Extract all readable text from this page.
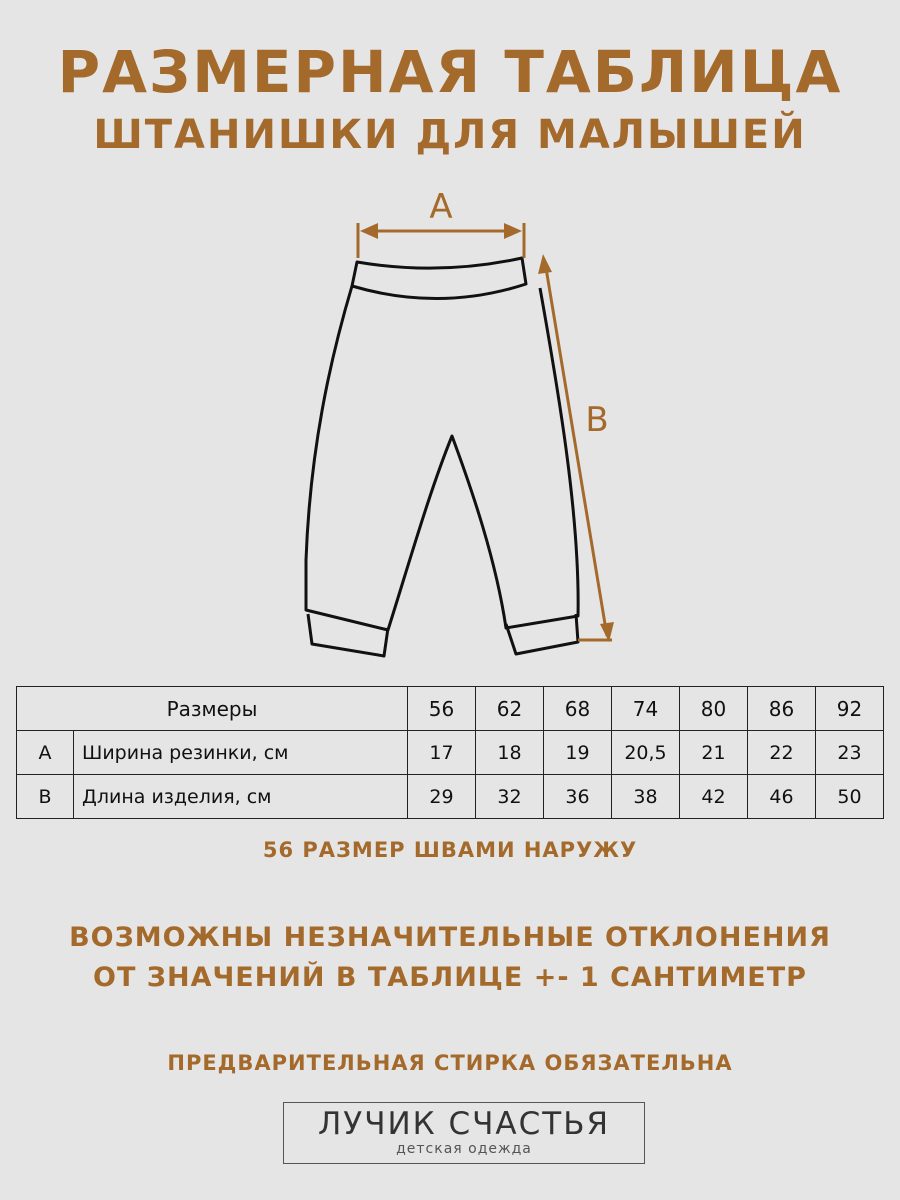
РАЗМЕРНАЯ ТАБЛИЦА
ШТАНИШКИ ДЛЯ МАЛЫШЕЙ
A
B
Размеры		56	62	68	74	80	86	92
A	Ширина резинки, см	17	18	19	20,5	21	22	23
B	Длина изделия, см	29	32	36	38	42	46	50
56 РАЗМЕР ШВАМИ НАРУЖУ
ВОЗМОЖНЫ НЕЗНАЧИТЕЛЬНЫЕ ОТКЛОНЕНИЯ
ОТ ЗНАЧЕНИЙ В ТАБЛИЦЕ +- 1 САНТИМЕТР
ПРЕДВАРИТЕЛЬНАЯ СТИРКА ОБЯЗАТЕЛЬНА
ЛУЧИК СЧАСТЬЯ
детская одежда
